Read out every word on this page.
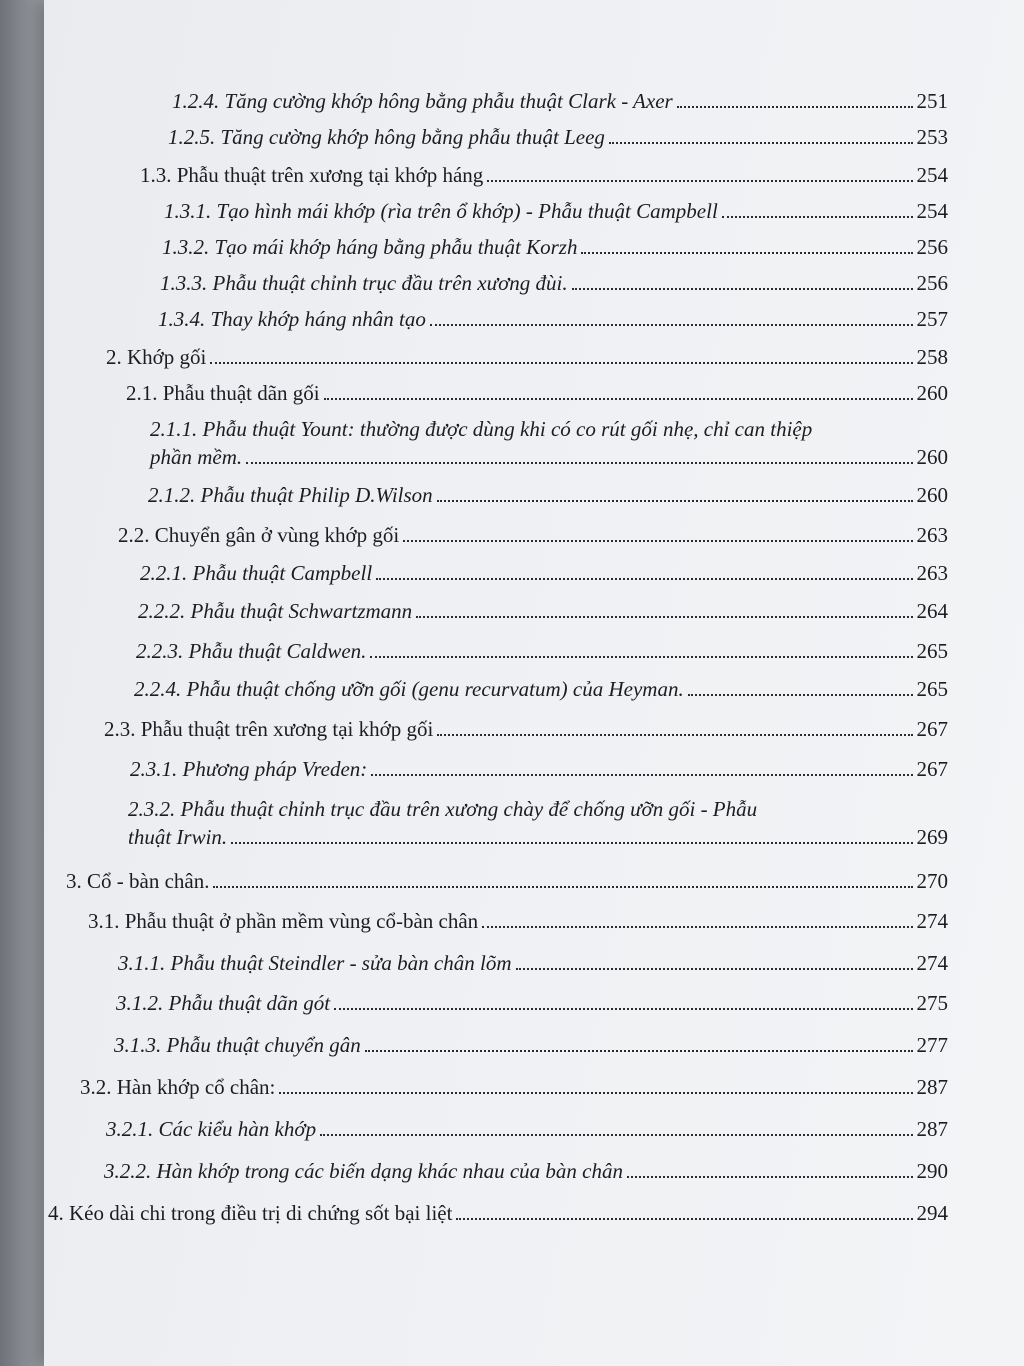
1.2.4. Tăng cường khớp hông bằng phẫu thuật Clark - Axer	251
1.2.5. Tăng cường khớp hông bằng phẫu thuật Leeg	253
1.3. Phẫu thuật trên xương tại khớp háng	254
1.3.1. Tạo hình mái khớp (rìa trên ổ khớp) - Phẫu thuật Campbell	254
1.3.2. Tạo mái khớp háng bằng phẫu thuật Korzh	256
1.3.3. Phẫu thuật chỉnh trục đầu trên xương đùi.	256
1.3.4. Thay khớp háng nhân tạo	257
2. Khớp gối	258
2.1. Phẫu thuật dãn gối	260
2.1.1. Phẫu thuật Yount: thường được dùng khi có co rút gối nhẹ, chỉ can thiệp
phần mềm.	260
2.1.2. Phẫu thuật Philip D.Wilson	260
2.2. Chuyển gân ở vùng khớp gối	263
2.2.1. Phẫu thuật Campbell	263
2.2.2. Phẫu thuật Schwartzmann	264
2.2.3. Phẫu thuật Caldwen.	265
2.2.4. Phẫu thuật chống ưỡn gối (genu recurvatum) của Heyman.	265
2.3. Phẫu thuật trên xương tại khớp gối	267
2.3.1. Phương pháp Vreden:	267
2.3.2. Phẫu thuật chỉnh trục đầu trên xương chày để chống ưỡn gối - Phẫu
thuật Irwin.	269
3. Cổ - bàn chân.	270
3.1. Phẫu thuật ở phần mềm vùng cổ-bàn chân	274
3.1.1. Phẫu thuật Steindler - sửa bàn chân lõm	274
3.1.2. Phẫu thuật dãn gót	275
3.1.3. Phẫu thuật chuyển gân	277
3.2. Hàn khớp cổ chân:	287
3.2.1. Các kiểu hàn khớp	287
3.2.2. Hàn khớp trong các biến dạng khác nhau của bàn chân	290
4. Kéo dài chi trong điều trị di chứng sốt bại liệt	294
